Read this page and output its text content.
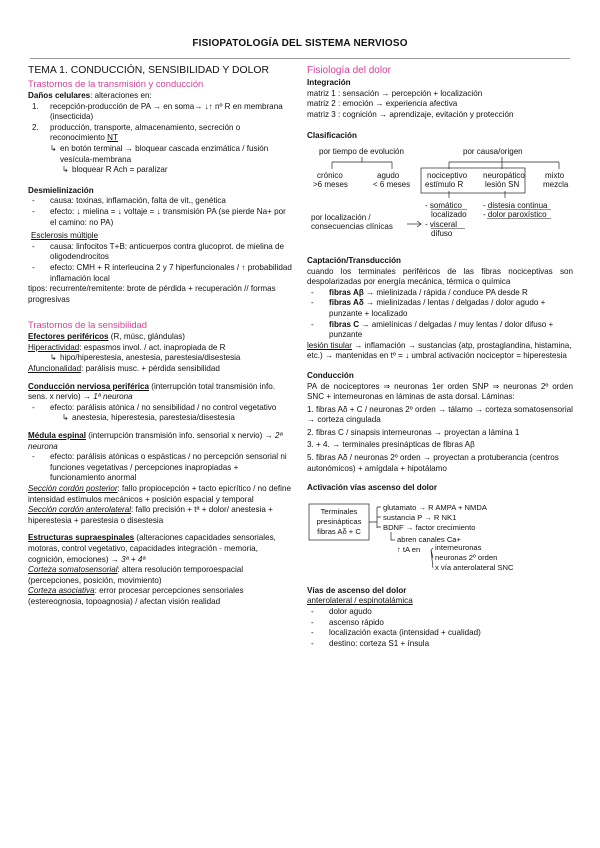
FISIOPATOLOGÍA DEL SISTEMA NERVIOSO
TEMA 1. CONDUCCIÓN, SENSIBILIDAD Y DOLOR
Trastornos de la transmisión y conducción
Daños celulares: alteraciones en:
1. recepción-producción de PA → en soma→ ↓↑ nº R en membrana (insecticida)
2. producción, transporte, almacenamiento, secreción o reconocimiento NT
↳ en botón terminal → bloquear cascada enzimática / fusión vesícula-membrana
↳ bloquear R Ach = paralizar
Desmielinización
- causa: toxinas, inflamación, falta de vit., genética
- efecto: ↓ mielina = ↓ voltaje = ↓ transmisión PA (se pierde Na+ por el camino: no PA)
Esclerosis múltiple
- causa: linfocitos T+B: anticuerpos contra glucoprot. de mielina de oligodendrocitos
- efecto: CMH + R interleucina 2 y 7 hiperfuncionales / ↑ probabilidad inflamación local
tipos: recurrente/remitente: brote de pérdida + recuperación // formas progresivas
Trastornos de la sensibilidad
Efectores periféricos (R, músc, glándulas)
Hiperactividad: espasmos invol. / act. inapropiada de R
↳ hipo/hiperestesia, anestesia, parestesia/disestesia
Afuncionalidad: parálisis musc. + pérdida sensibilidad
Conducción nerviosa periférica (interrupción total transmisión info. sens. x nervio) → 1ª neurona
- efecto: parálisis atónica / no sensibilidad / no control vegetativo
↳ anestesia, hiperestesia, parestesia/disestesia
Médula espinal (interrupción transmisión info. sensorial x nervio) → 2ª neurona
- efecto: parálisis atónicas o espásticas / no percepción sensorial ni funciones vegetativas / percepciones inapropiadas + funcionamiento anormal
Sección cordón posterior: fallo propiocepción + tacto epicrítico / no define intensidad estímulos mecánicos + posición espacial y temporal
Sección cordón anterolateral: fallo precisión + tª + dolor/ anestesia + hiperestesia + parestesia o disestesia
Estructuras supraespinales (alteraciones capacidades sensoriales, motoras, control vegetativo, capacidades integración - memoria, cognición, emociones) → 3ª + 4ª
Corteza somatosensorial: altera resolución temporoespacial (percepciones, posición, movimiento)
Corteza asociativa: error procesar percepciones sensoriales (estereognosia, topoagnosia) / afectan visión realidad
Fisiología del dolor
Integración
matriz 1 : sensación → percepción + localización
matriz 2 : emoción → experiencia afectiva
matriz 3 : cognición → aprendizaje, evitación y protección
Clasificación
por tiempo de evolución	por causa/origen
crónico
>6 meses
agudo
< 6 meses
nociceptivo
estímulo R
neuropático
lesión SN
mixto
mezcla
por localización /
consecuencias clínicas
- somático
localizado
- visceral
difuso
- distesia continua
- dolor paroxístico
Captación/Transducción
cuando los terminales periféricos de las fibras nociceptivas son despolarizadas por energía mecánica, térmica o química
- fibras Aβ → mielinizada / rápida / conduce PA desde R
- fibras Aδ → mielinizadas / lentas / delgadas / dolor agudo + punzante + localizado
- fibras C → amielínicas / delgadas / muy lentas / dolor difuso + punzante
lesión tisular → inflamación → sustancias (atp, prostaglandina, histamina, etc.) → mantenidas en tº = ↓ umbral activación nociceptor = hiperestesia
Conducción
PA de nociceptores ⇒ neuronas 1er orden SNP ⇒ neuronas 2º orden SNC + interneuronas en láminas de asta dorsal. Láminas:
1. fibras Aδ + C / neuronas 2º orden → tálamo → corteza somatosensorial → corteza cingulada
2. fibras C / sinapsis interneuronas → proyectan a lámina 1
3. + 4. → terminales presinápticas de fibras Aβ
5. fibras Aδ / neuronas 2º orden → proyectan a protuberancia (centros autonómicos) + amígdala + hipotálamo
Activación vías ascenso del dolor
Terminales
presinápticas
fibras Aδ + C
glutamato → R AMPA + NMDA
sustancia P → R NK1
BDNF → factor crecimiento
abren canales Ca+
↑ tA en interneuronas
neuronas 2º orden
x vía anterolateral SNC
Vías de ascenso del dolor
anterolateral / espinotalámica
- dolor agudo
- ascenso rápido
- localización exacta (intensidad + cualidad)
- destino: corteza S1 + ínsula
